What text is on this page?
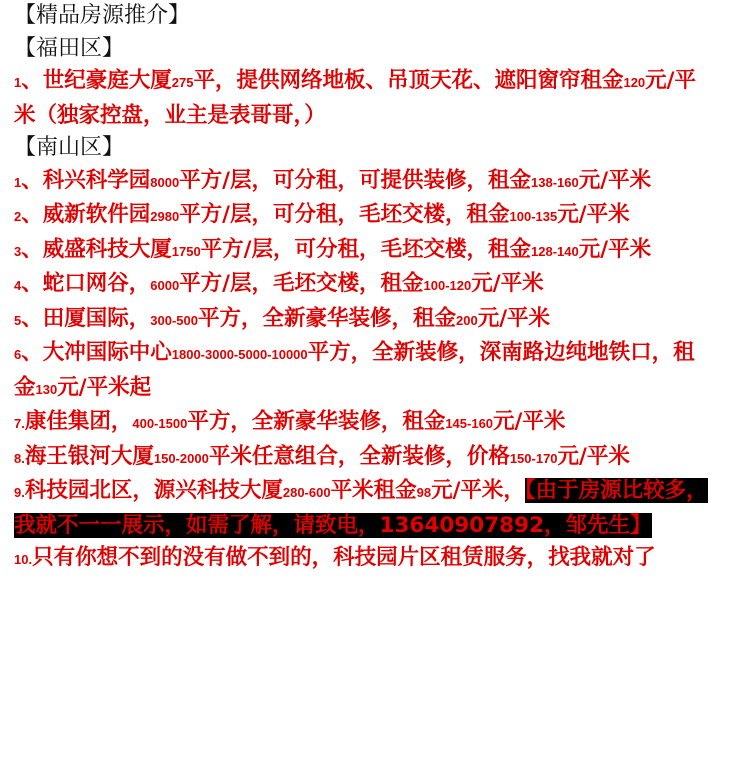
【精品房源推介】

【福田区】

1、世纪豪庭大厦275平，提供网络地板、吊顶天花、遮阳窗帘租金120元/平米（独家控盘，业主是表哥哥，）

【南山区】

1、科兴科学园8000平方/层，可分租，可提供装修，租金138-160元/平米

2、威新软件园2980平方/层，可分租，毛坯交楼，租金100-135元/平米

3、威盛科技大厦1750平方/层，可分租，毛坯交楼，租金128-140元/平米

4、蛇口网谷，6000平方/层，毛坯交楼，租金100-120元/平米

5、田厦国际，300-500平方，全新豪华装修，租金200元/平米

6、大冲国际中心1800-3000-5000-10000平方，全新装修，深南路边纯地铁口，租金130元/平米起

7.康佳集团，400-1500平方，全新豪华装修，租金145-160元/平米

8.海王银河大厦150-2000平米任意组合，全新装修，价格150-170元/平米

9.科技园北区，源兴科技大厦280-600平米租金98元/平米，【由于房源比较多，我就不一一展示，如需了解，请致电，13640907892，邹先生】

10.只有你想不到的没有做不到的，科技园片区租赁服务，找我就对了
